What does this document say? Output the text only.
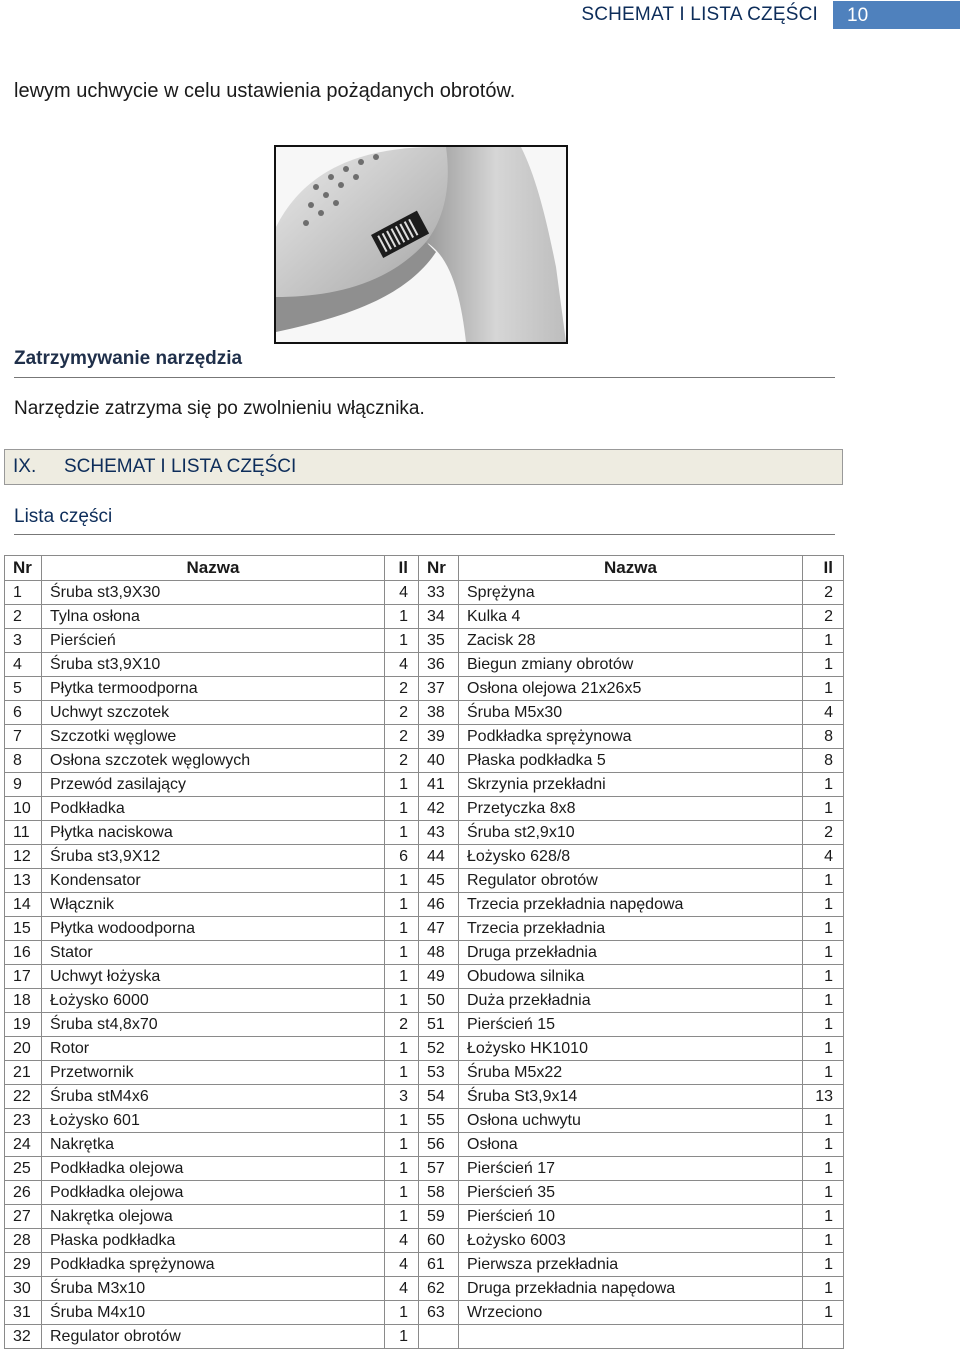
SCHEMAT I LISTA CZĘŚCI	10
lewym uchwycie w celu ustawienia pożądanych obrotów.
Zatrzymywanie narzędzia
Narzędzie zatrzyma się po zwolnieniu włącznika.
IX. SCHEMAT I LISTA CZĘŚCI
Lista części
Nr	Nazwa	Il	Nr	Nazwa	Il
1	Śruba st3,9X30	4	33	Sprężyna	2
2	Tylna osłona	1	34	Kulka 4	2
3	Pierścień	1	35	Zacisk 28	1
4	Śruba st3,9X10	4	36	Biegun zmiany obrotów	1
5	Płytka termoodporna	2	37	Osłona olejowa 21x26x5	1
6	Uchwyt szczotek	2	38	Śruba M5x30	4
7	Szczotki węglowe	2	39	Podkładka sprężynowa	8
8	Osłona szczotek węglowych	2	40	Płaska podkładka 5	8
9	Przewód zasilający	1	41	Skrzynia przekładni	1
10	Podkładka	1	42	Przetyczka 8x8	1
11	Płytka naciskowa	1	43	Śruba st2,9x10	2
12	Śruba st3,9X12	6	44	Łożysko 628/8	4
13	Kondensator	1	45	Regulator obrotów	1
14	Włącznik	1	46	Trzecia przekładnia napędowa	1
15	Płytka wodoodporna	1	47	Trzecia przekładnia	1
16	Stator	1	48	Druga przekładnia	1
17	Uchwyt łożyska	1	49	Obudowa silnika	1
18	Łożysko 6000	1	50	Duża przekładnia	1
19	Śruba st4,8x70	2	51	Pierścień 15	1
20	Rotor	1	52	Łożysko HK1010	1
21	Przetwornik	1	53	Śruba M5x22	1
22	Śruba stM4x6	3	54	Śruba St3,9x14	13
23	Łożysko 601	1	55	Osłona uchwytu	1
24	Nakrętka	1	56	Osłona	1
25	Podkładka olejowa	1	57	Pierścień 17	1
26	Podkładka olejowa	1	58	Pierścień 35	1
27	Nakrętka olejowa	1	59	Pierścień 10	1
28	Płaska podkładka	4	60	Łożysko 6003	1
29	Podkładka sprężynowa	4	61	Pierwsza przekładnia	1
30	Śruba M3x10	4	62	Druga przekładnia napędowa	1
31	Śruba M4x10	1	63	Wrzeciono	1
32	Regulator obrotów	1			
